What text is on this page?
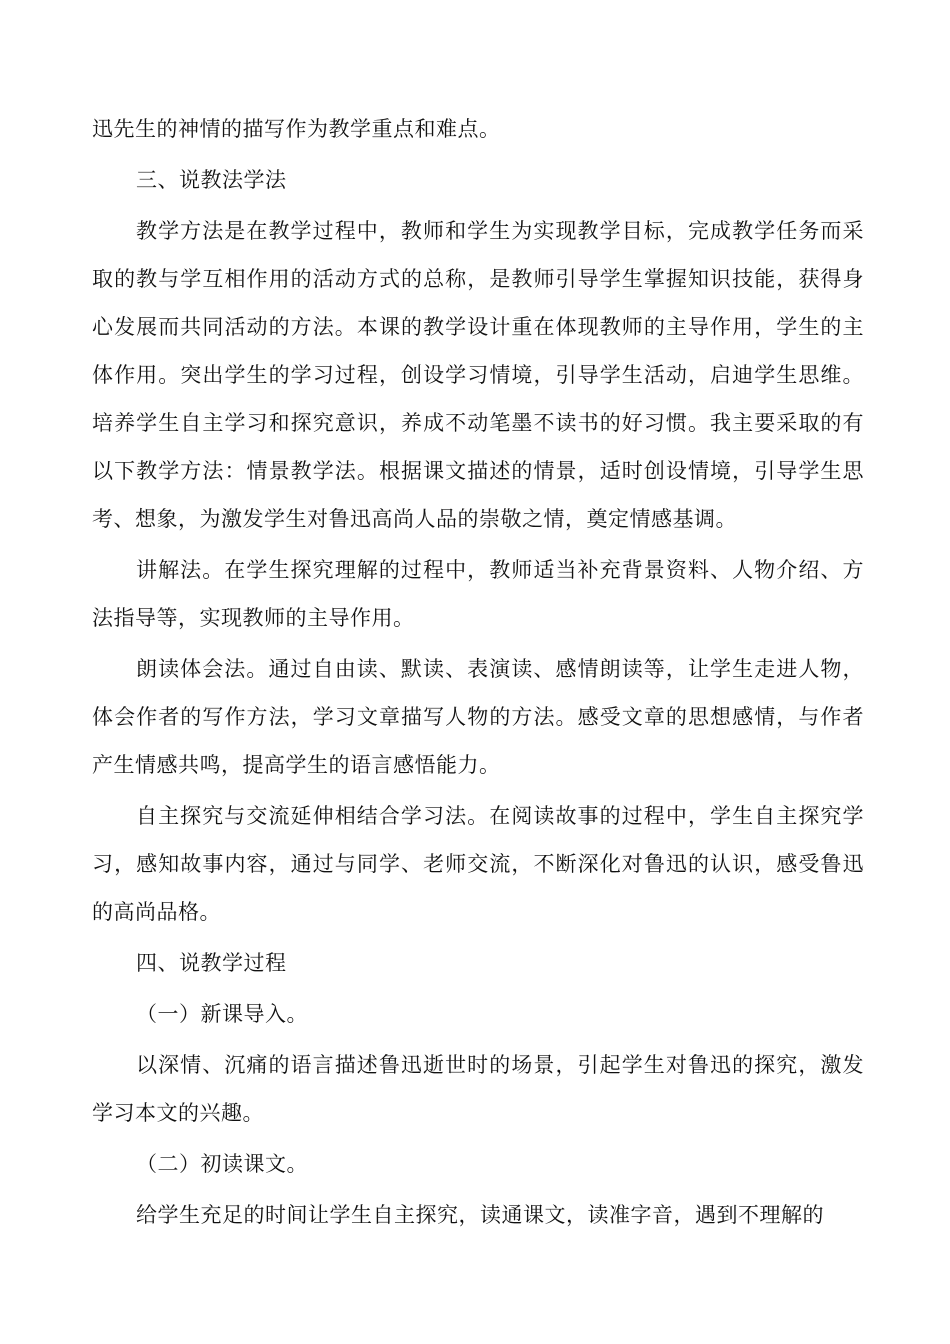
迅先生的神情的描写作为教学重点和难点。

三、说教法学法

教学方法是在教学过程中，教师和学生为实现教学目标，完成教学任务而采取的教与学互相作用的活动方式的总称，是教师引导学生掌握知识技能，获得身心发展而共同活动的方法。本课的教学设计重在体现教师的主导作用，学生的主体作用。突出学生的学习过程，创设学习情境，引导学生活动，启迪学生思维。培养学生自主学习和探究意识，养成不动笔墨不读书的好习惯。我主要采取的有以下教学方法：情景教学法。根据课文描述的情景，适时创设情境，引导学生思考、想象，为激发学生对鲁迅高尚人品的崇敬之情，奠定情感基调。

讲解法。在学生探究理解的过程中，教师适当补充背景资料、人物介绍、方法指导等，实现教师的主导作用。

朗读体会法。通过自由读、默读、表演读、感情朗读等，让学生走进人物，体会作者的写作方法，学习文章描写人物的方法。感受文章的思想感情，与作者产生情感共鸣，提高学生的语言感悟能力。

自主探究与交流延伸相结合学习法。在阅读故事的过程中，学生自主探究学习，感知故事内容，通过与同学、老师交流，不断深化对鲁迅的认识，感受鲁迅的高尚品格。

四、说教学过程

（一）新课导入。

以深情、沉痛的语言描述鲁迅逝世时的场景，引起学生对鲁迅的探究，激发学习本文的兴趣。

（二）初读课文。

给学生充足的时间让学生自主探究，读通课文，读准字音，遇到不理解的
